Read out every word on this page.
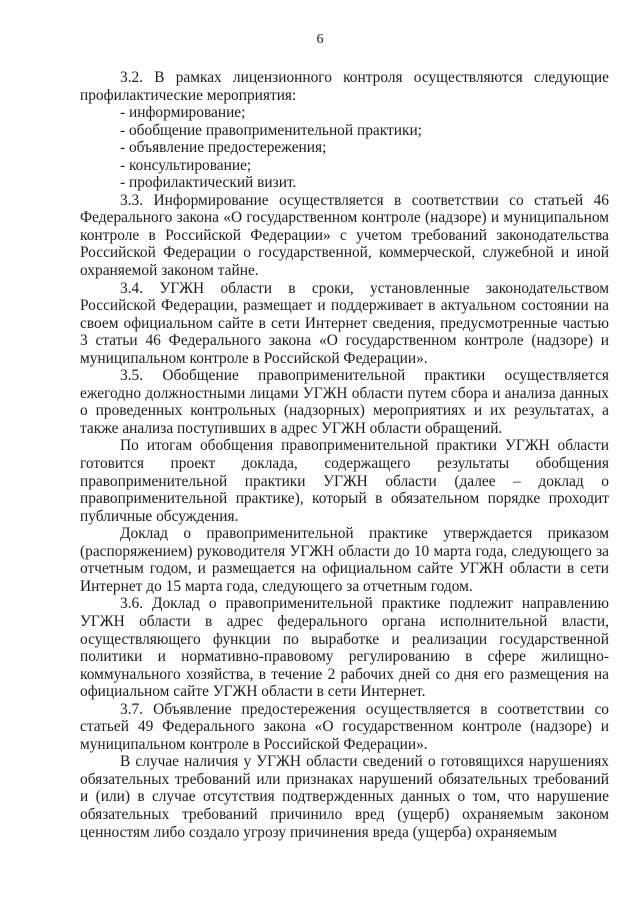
6

3.2. В рамках лицензионного контроля осуществляются следующие профилактические мероприятия:

- информирование;

- обобщение правоприменительной практики;

- объявление предостережения;

- консультирование;

- профилактический визит.

3.3. Информирование осуществляется в соответствии со статьей 46 Федерального закона «О государственном контроле (надзоре) и муниципальном контроле в Российской Федерации» с учетом требований законодательства Российской Федерации о государственной, коммерческой, служебной и иной охраняемой законом тайне.

3.4. УГЖН области в сроки, установленные законодательством Российской Федерации, размещает и поддерживает в актуальном состоянии на своем официальном сайте в сети Интернет сведения, предусмотренные частью 3 статьи 46 Федерального закона «О государственном контроле (надзоре) и муниципальном контроле в Российской Федерации».

3.5. Обобщение правоприменительной практики осуществляется ежегодно должностными лицами УГЖН области путем сбора и анализа данных о проведенных контрольных (надзорных) мероприятиях и их результатах, а также анализа поступивших в адрес УГЖН области обращений.

По итогам обобщения правоприменительной практики УГЖН области готовится проект доклада, содержащего результаты обобщения правоприменительной практики УГЖН области (далее – доклад о правоприменительной практике), который в обязательном порядке проходит публичные обсуждения.

Доклад о правоприменительной практике утверждается приказом (распоряжением) руководителя УГЖН области до 10 марта года, следующего за отчетным годом, и размещается на официальном сайте УГЖН области в сети Интернет до 15 марта года, следующего за отчетным годом.

3.6. Доклад о правоприменительной практике подлежит направлению УГЖН области в адрес федерального органа исполнительной власти, осуществляющего функции по выработке и реализации государственной политики и нормативно-правовому регулированию в сфере жилищно-коммунального хозяйства, в течение 2 рабочих дней со дня его размещения на официальном сайте УГЖН области в сети Интернет.

3.7. Объявление предостережения осуществляется в соответствии со статьей 49 Федерального закона «О государственном контроле (надзоре) и муниципальном контроле в Российской Федерации».

В случае наличия у УГЖН области сведений о готовящихся нарушениях обязательных требований или признаках нарушений обязательных требований и (или) в случае отсутствия подтвержденных данных о том, что нарушение обязательных требований причинило вред (ущерб) охраняемым законом ценностям либо создало угрозу причинения вреда (ущерба) охраняемым
